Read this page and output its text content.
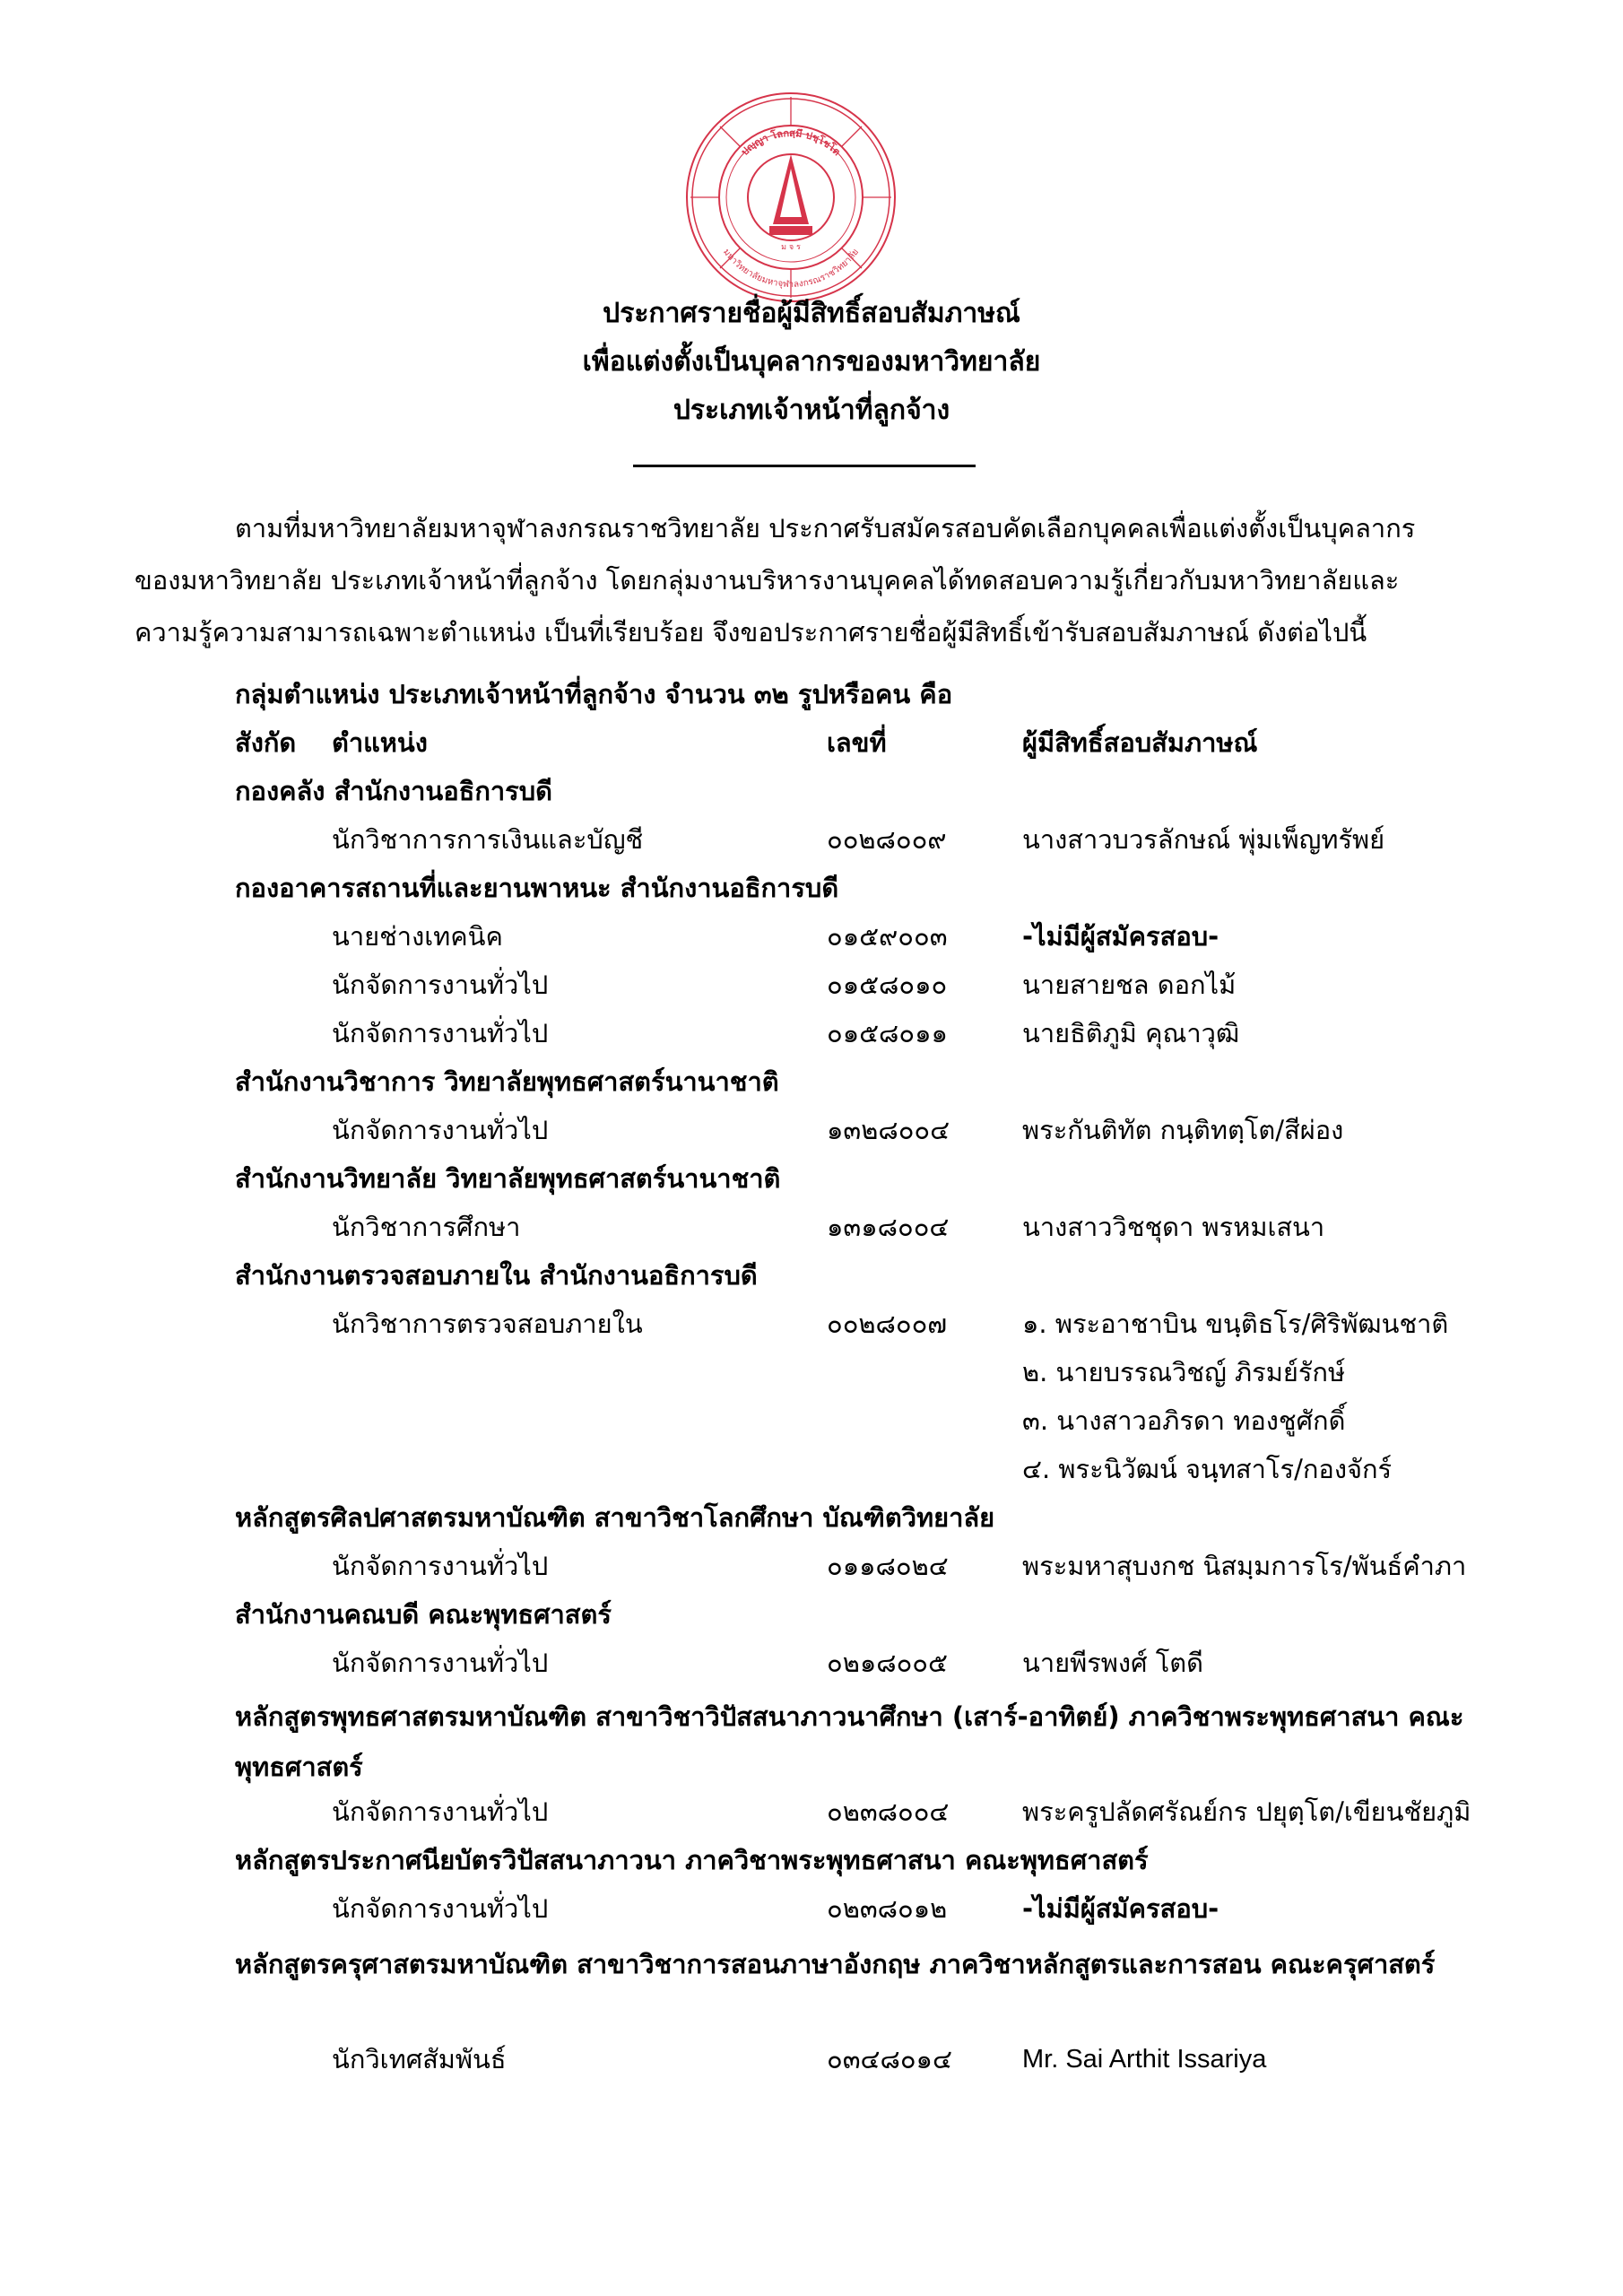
ม จ ร
ปญฺญา โลกสฺมึ ปชฺโชโต
มหาวิทยาลัยมหาจุฬาลงกรณราชวิทยาลัย
ประกาศรายชื่อผู้มีสิทธิ์สอบสัมภาษณ์
เพื่อแต่งตั้งเป็นบุคลากรของมหาวิทยาลัย
ประเภทเจ้าหน้าที่ลูกจ้าง
ตามที่มหาวิทยาลัยมหาจุฬาลงกรณราชวิทยาลัย ประกาศรับสมัครสอบคัดเลือกบุคคลเพื่อแต่งตั้งเป็นบุคลากร
ของมหาวิทยาลัย ประเภทเจ้าหน้าที่ลูกจ้าง โดยกลุ่มงานบริหารงานบุคคลได้ทดสอบความรู้เกี่ยวกับมหาวิทยาลัยและ
ความรู้ความสามารถเฉพาะตำแหน่ง เป็นที่เรียบร้อย จึงขอประกาศรายชื่อผู้มีสิทธิ์เข้ารับสอบสัมภาษณ์ ดังต่อไปนี้
กลุ่มตำแหน่ง ประเภทเจ้าหน้าที่ลูกจ้าง จำนวน ๓๒ รูปหรือคน คือ
สังกัด ตำแหน่ง	เลขที่	ผู้มีสิทธิ์สอบสัมภาษณ์
กองคลัง สำนักงานอธิการบดี
นักวิชาการการเงินและบัญชี	๐๐๒๘๐๐๙	นางสาวบวรลักษณ์ พุ่มเพ็ญทรัพย์
กองอาคารสถานที่และยานพาหนะ สำนักงานอธิการบดี
นายช่างเทคนิค	๐๑๕๙๐๐๓	-ไม่มีผู้สมัครสอบ-
นักจัดการงานทั่วไป	๐๑๕๘๐๑๐	นายสายชล ดอกไม้
นักจัดการงานทั่วไป	๐๑๕๘๐๑๑	นายธิติภูมิ คุณาวุฒิ
สำนักงานวิชาการ วิทยาลัยพุทธศาสตร์นานาชาติ
นักจัดการงานทั่วไป	๑๓๒๘๐๐๔	พระกันติทัต กนฺติทตฺโต/สีผ่อง
สำนักงานวิทยาลัย วิทยาลัยพุทธศาสตร์นานาชาติ
นักวิชาการศึกษา	๑๓๑๘๐๐๔	นางสาววิชชุดา พรหมเสนา
สำนักงานตรวจสอบภายใน สำนักงานอธิการบดี
นักวิชาการตรวจสอบภายใน	๐๐๒๘๐๐๗	๑. พระอาชาบิน ขนฺติธโร/ศิริพัฒนชาติ
๒. นายบรรณวิชญ์ ภิรมย์รักษ์
๓. นางสาวอภิรดา ทองชูศักดิ์
๔. พระนิวัฒน์ จนฺทสาโร/กองจักร์
หลักสูตรศิลปศาสตรมหาบัณฑิต สาขาวิชาโลกศึกษา บัณฑิตวิทยาลัย
นักจัดการงานทั่วไป	๐๑๑๘๐๒๔	พระมหาสุบงกช นิสมฺมการโร/พันธ์คำภา
สำนักงานคณบดี คณะพุทธศาสตร์
นักจัดการงานทั่วไป	๐๒๑๘๐๐๕	นายพีรพงศ์ โตดี
หลักสูตรพุทธศาสตรมหาบัณฑิต สาขาวิชาวิปัสสนาภาวนาศึกษา (เสาร์-อาทิตย์) ภาควิชาพระพุทธศาสนา คณะพุทธศาสตร์
นักจัดการงานทั่วไป	๐๒๓๘๐๐๔	พระครูปลัดศรัณย์กร ปยุตฺโต/เขียนชัยภูมิ
หลักสูตรประกาศนียบัตรวิปัสสนาภาวนา ภาควิชาพระพุทธศาสนา คณะพุทธศาสตร์
นักจัดการงานทั่วไป	๐๒๓๘๐๑๒	-ไม่มีผู้สมัครสอบ-
หลักสูตรครุศาสตรมหาบัณฑิต สาขาวิชาการสอนภาษาอังกฤษ ภาควิชาหลักสูตรและการสอน คณะครุศาสตร์
นักวิเทศสัมพันธ์	๐๓๔๘๐๑๔	Mr. Sai Arthit Issariya
